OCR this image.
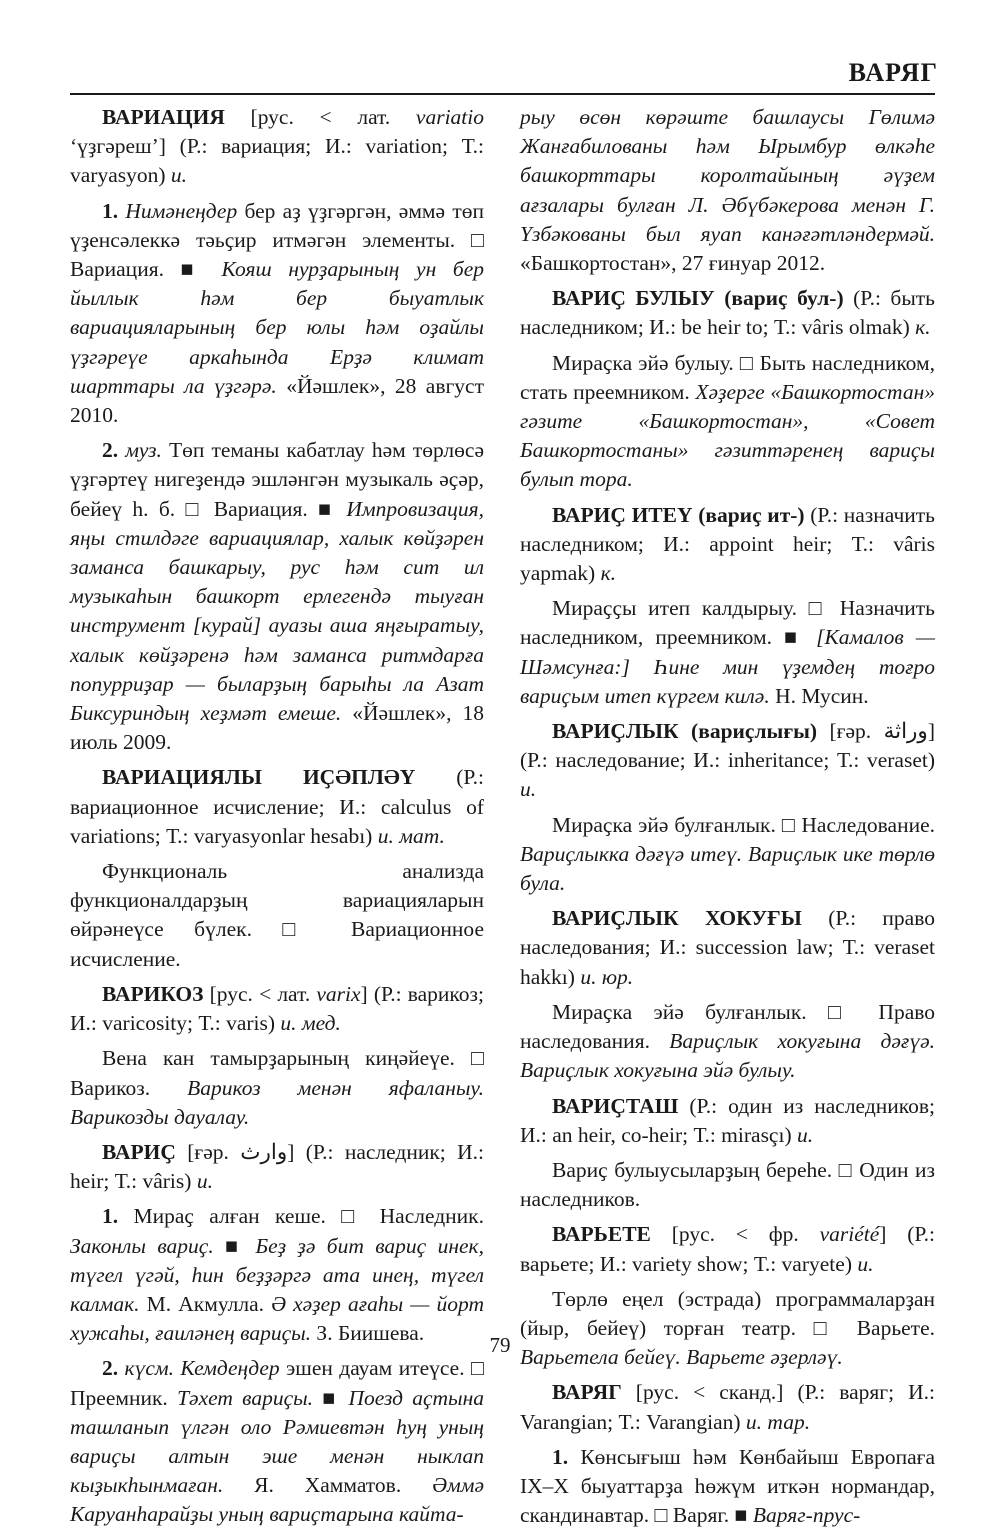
ВАРЯГ

ВАРИАЦИЯ [рус. < лат. variatio ‘үҙгәреш’] (Р.: вариация; И.: variation; Т.: varyasyon) и.

1. Нимәнеңдер бер аҙ үҙгәргән, әммә төп үҙенсәлеккә тәьҫир итмәгән элементы. □ Вариация. ■ Кояш нурҙарының ун бер йыллык һәм бер быуатлык вариацияларының бер юлы һәм оҙайлы үҙгәреүе аркаһында Ерҙә климат шарттары ла үҙгәрә. «Йәшлек», 28 август 2010.

2. муз. Төп теманы кабатлау һәм төрлөсә үҙгәртеү нигеҙендә эшләнгән музыкаль әҫәр, бейеү һ. б. □ Вариация. ■ Импровизация, яңы стилдәге вариациялар, халык көйҙәрен заманса башкарыу, рус һәм сит ил музыкаһын башкорт ерлегендә тыуған инструмент [курай] ауазы аша яңғыратыу, халык көйҙәренә һәм заманса ритмдарға попурриҙар — быларҙың барыһы ла Азат Биксуриндың хеҙмәт емеше. «Йәшлек», 18 июль 2009.

ВАРИАЦИЯЛЫ ИҪӘПЛӘҮ (Р.: вариационное исчисление; И.: calculus of variations; Т.: varyasyonlar hesabı) и. мат.

Функциональ анализда функционалдарҙың вариацияларын өйрәнеүсе бүлек. □ Вариационное исчисление.

ВАРИКОЗ [рус. < лат. varix] (Р.: варикоз; И.: varicosity; Т.: varis) и. мед.

Вена кан тамырҙарының киңәйеүе. □ Варикоз. Варикоз менән яфаланыу. Варикозды дауалау.

ВАРИҪ [ғәр. وارث] (Р.: наследник; И.: heir; Т.: vâris) и.

1. Мираҫ алған кеше. □ Наследник. Законлы вариҫ. ■ Беҙ ҙә бит вариҫ инек, түгел үгәй, һин беҙҙәргә ата инең, түгел калмак. М. Акмулла. Ә хәҙер ағаһы — йорт хужаһы, ғаиләнең вариҫы. З. Биишева.

2. күсм. Кемдеңдер эшен дауам итеүсе. □ Преемник. Тәхет вариҫы. ■ Поезд аҫтына ташланып үлгән оло Рәмиевтән һуң уның вариҫы алтын эше менән ныклап кыҙыкһынмаған. Я. Хамматов. Әммә Каруанһарайҙы уның вариҫтарына кайта-

рыу өсөн көрәште башлаусы Гөлимә Жанғабилованы һәм Ырымбур өлкәһе башкорттары королтайының әүҙем ағзалары булған Л. Әбүбәкерова менән Г. Үзбәкованы был яуап канәғәтләндермәй. «Башкортостан», 27 ғинуар 2012.

ВАРИҪ БУЛЫУ (вариҫ бул-) (Р.: быть наследником; И.: be heir to; Т.: vâris olmak) к.

Мираҫка эйә булыу. □ Быть наследником, стать преемником. Хәҙерге «Башкортостан» гәзите «Башкортостан», «Совет Башкортостаны» гәзиттәренең вариҫы булып тора.

ВАРИҪ ИТЕҮ (вариҫ ит-) (Р.: назначить наследником; И.: appoint heir; Т.: vâris yapmak) к.

Мираҫҫы итеп калдырыу. □ Назначить наследником, преемником. ■ [Камалов — Шәмсунға:] Һине мин үҙемдең тоғро вариҫым итеп күргем килә. Н. Мусин.

ВАРИҪЛЫК (вариҫлығы) [ғәр. وراثة] (Р.: наследование; И.: inheritance; Т.: veraset) и.

Мираҫка эйә булғанлык. □ Наследование. Вариҫлыкка дәғүә итеү. Вариҫлык ике төрлө була.

ВАРИҪЛЫК ХОКУҒЫ (Р.: право наследования; И.: succession law; Т.: veraset hakkı) и. юр.

Мираҫка эйә булғанлык. □ Право наследования. Вариҫлык хокуғына дәғүә. Вариҫлык хокуғына эйә булыу.

ВАРИҪТАШ (Р.: один из наследников; И.: an heir, co-heir; Т.: mirasçı) и.

Вариҫ булыусыларҙың береһе. □ Один из наследников.

ВАРЬЕТЕ [рус. < фр. variété] (Р.: варьете; И.: variety show; Т.: varyete) и.

Төрлө еңел (эстрада) программаларҙан (йыр, бейеү) торған театр. □ Варьете. Варьетела бейеү. Варьете әҙерләү.

ВАРЯГ [рус. < сканд.] (Р.: варяг; И.: Varangian; Т.: Varangian) и. тар.

1. Көнсығыш һәм Көнбайыш Европаға IX–X быуаттарҙа һөжүм иткән нормандар, скандинавтар. □ Варяг. ■ Варяг-прус-

79
